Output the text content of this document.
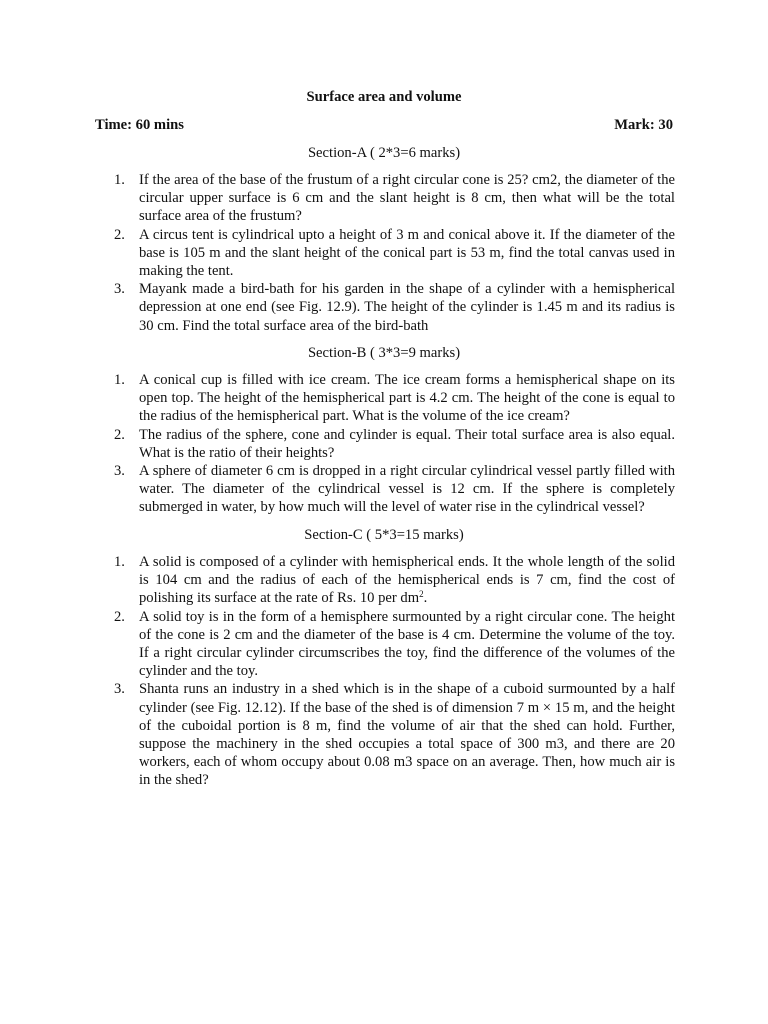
Surface area and volume
Time: 60 mins	Mark: 30
Section-A ( 2*3=6 marks)
1. If the area of the base of the frustum of a right circular cone is 25? cm2, the diameter of the circular upper surface is 6 cm and the slant height is 8 cm, then what will be the total surface area of the frustum?
2. A circus tent is cylindrical upto a height of 3 m and conical above it. If the diameter of the base is 105 m and the slant height of the conical part is 53 m, find the total canvas used in making the tent.
3. Mayank made a bird-bath for his garden in the shape of a cylinder with a hemispherical depression at one end (see Fig. 12.9). The height of the cylinder is 1.45 m and its radius is 30 cm. Find the total surface area of the bird-bath
Section-B ( 3*3=9 marks)
1. A conical cup is filled with ice cream. The ice cream forms a hemispherical shape on its open top. The height of the hemispherical part is 4.2 cm. The height of the cone is equal to the radius of the hemispherical part. What is the volume of the ice cream?
2. The radius of the sphere, cone and cylinder is equal. Their total surface area is also equal. What is the ratio of their heights?
3. A sphere of diameter 6 cm is dropped in a right circular cylindrical vessel partly filled with water. The diameter of the cylindrical vessel is 12 cm. If the sphere is completely submerged in water, by how much will the level of water rise in the cylindrical vessel?
Section-C ( 5*3=15 marks)
1. A solid is composed of a cylinder with hemispherical ends. It the whole length of the solid is 104 cm and the radius of each of the hemispherical ends is 7 cm, find the cost of polishing its surface at the rate of Rs. 10 per $dm^2$.
2. A solid toy is in the form of a hemisphere surmounted by a right circular cone. The height of the cone is 2 cm and the diameter of the base is 4 cm. Determine the volume of the toy. If a right circular cylinder circumscribes the toy, find the difference of the volumes of the cylinder and the toy.
3. Shanta runs an industry in a shed which is in the shape of a cuboid surmounted by a half cylinder (see Fig. 12.12). If the base of the shed is of dimension 7 m × 15 m, and the height of the cuboidal portion is 8 m, find the volume of air that the shed can hold. Further, suppose the machinery in the shed occupies a total space of 300 m3, and there are 20 workers, each of whom occupy about 0.08 m3 space on an average. Then, how much air is in the shed?
